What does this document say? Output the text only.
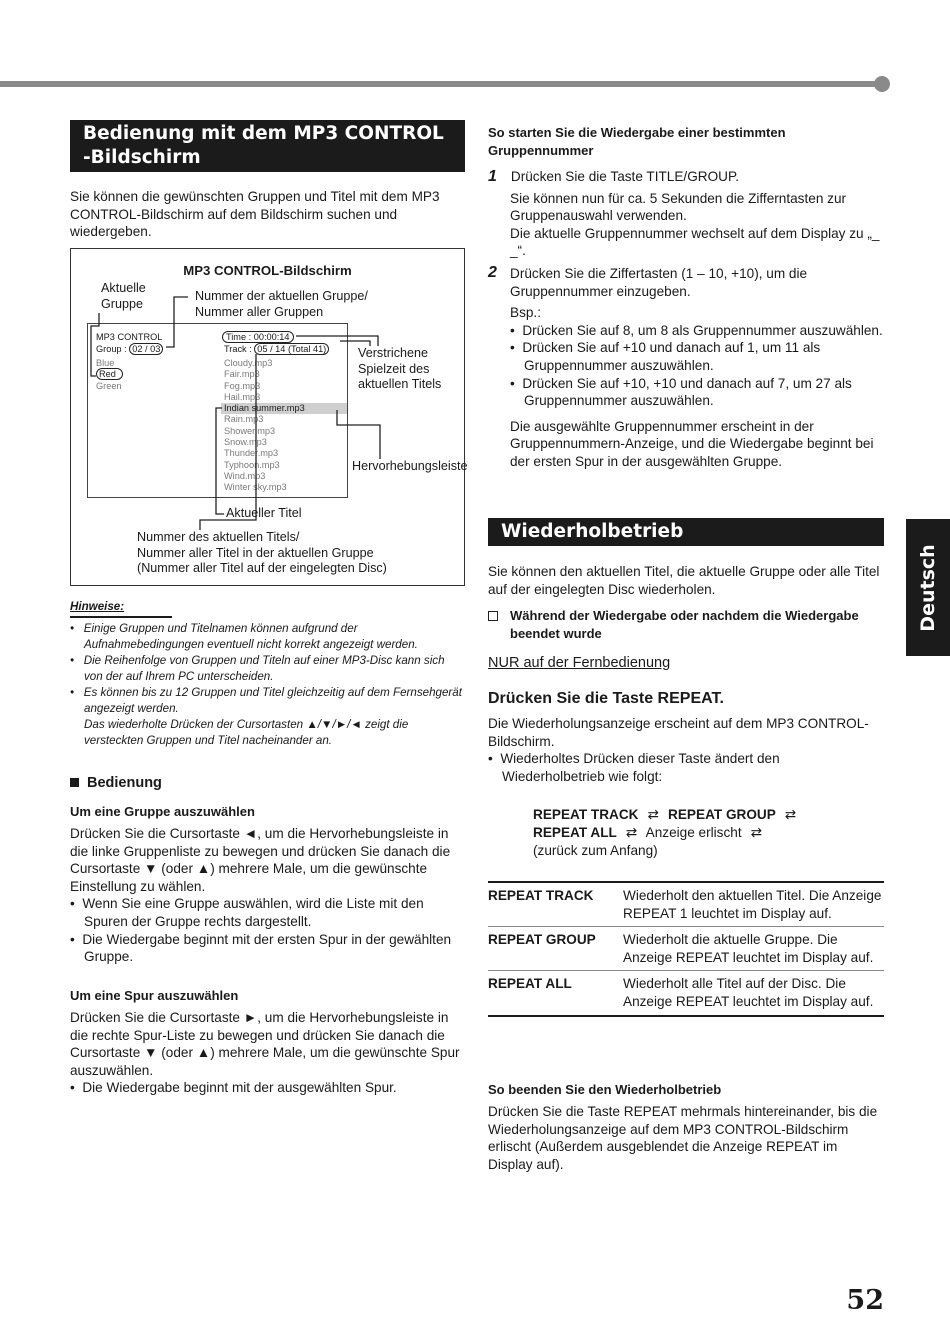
Deutsch
Bedienung mit dem MP3 CONTROL
-Bildschirm
Sie können die gewünschten Gruppen und Titel mit dem MP3 CONTROL-Bildschirm auf dem Bildschirm suchen und wiedergeben.
MP3 CONTROL-Bildschirm
Aktuelle
Gruppe
Nummer der aktuellen Gruppe/
Nummer aller Gruppen
Verstrichene
Spielzeit des
aktuellen Titels
Hervorhebungsleiste
Aktueller Titel
Nummer des aktuellen Titels/
Nummer aller Titel in der aktuellen Gruppe
(Nummer aller Titel auf der eingelegten Disc)
MP3 CONTROL
Group : 02 / 03
Time : 00:00:14
Track : 05 / 14 (Total 41)
Blue
Red
Green
Cloudy.mp3
Fair.mp3
Fog.mp3
Hail.mp3
Indian summer.mp3
Rain.mp3
Shower.mp3
Snow.mp3
Thunder.mp3
Typhoon.mp3
Wind.mp3
Winter sky.mp3
Hinweise:
•   Einige Gruppen und Titelnamen können aufgrund der Aufnahmebedingungen eventuell nicht korrekt angezeigt werden.
•   Die Reihenfolge von Gruppen und Titeln auf einer MP3-Disc kann sich von der auf Ihrem PC unterscheiden.
•   Es können bis zu 12 Gruppen und Titel gleichzeitig auf dem Fernsehgerät angezeigt werden.
Das wiederholte Drücken der Cursortasten ▲/▼/►/◄ zeigt die versteckten Gruppen und Titel nacheinander an.
Bedienung
Um eine Gruppe auszuwählen
Drücken Sie die Cursortaste ◄, um die Hervorhebungsleiste in die linke Gruppenliste zu bewegen und drücken Sie danach die Cursortaste ▼ (oder ▲) mehrere Male, um die gewünschte Einstellung zu wählen.
•  Wenn Sie eine Gruppe auswählen, wird die Liste mit den Spuren der Gruppe rechts dargestellt.
•  Die Wiedergabe beginnt mit der ersten Spur in der gewählten Gruppe.
Um eine Spur auszuwählen
Drücken Sie die Cursortaste ►, um die Hervorhebungsleiste in die rechte Spur-Liste zu bewegen und drücken Sie danach die Cursortaste ▼ (oder ▲) mehrere Male, um die gewünschte Spur auszuwählen.
•  Die Wiedergabe beginnt mit der ausgewählten Spur.
So starten Sie die Wiedergabe einer bestimmten Gruppennummer
1 Drücken Sie die Taste TITLE/GROUP.
Sie können nun für ca. 5 Sekunden die Zifferntasten zur Gruppenauswahl verwenden.
Die aktuelle Gruppennummer wechselt auf dem Display zu „_ _“.
2 Drücken Sie die Ziffertasten (1 – 10, +10), um die Gruppennummer einzugeben.
Bsp.:
•  Drücken Sie auf 8, um 8 als Gruppennummer auszuwählen.
•  Drücken Sie auf +10 und danach auf 1, um 11 als Gruppennummer auszuwählen.
•  Drücken Sie auf +10, +10 und danach auf 7, um 27 als Gruppennummer auszuwählen.
Die ausgewählte Gruppennummer erscheint in der Gruppennummern-Anzeige, und die Wiedergabe beginnt bei der ersten Spur in der ausgewählten Gruppe.
Wiederholbetrieb
Sie können den aktuellen Titel, die aktuelle Gruppe oder alle Titel auf der eingelegten Disc wiederholen.
Während der Wiedergabe oder nachdem die Wiedergabe beendet wurde
NUR auf der Fernbedienung
Drücken Sie die Taste REPEAT.
Die Wiederholungsanzeige erscheint auf dem MP3 CONTROL-Bildschirm.
•  Wiederholtes Drücken dieser Taste ändert den Wiederholbetrieb wie folgt:
REPEAT TRACK ⇄ REPEAT GROUP ⇄
REPEAT ALL ⇄ Anzeige erlischt ⇄
(zurück zum Anfang)
REPEAT TRACK	Wiederholt den aktuellen Titel. Die Anzeige REPEAT 1 leuchtet im Display auf.
REPEAT GROUP	Wiederholt die aktuelle Gruppe. Die Anzeige REPEAT leuchtet im Display auf.
REPEAT ALL	Wiederholt alle Titel auf der Disc. Die Anzeige REPEAT leuchtet im Display auf.
So beenden Sie den Wiederholbetrieb
Drücken Sie die Taste REPEAT mehrmals hintereinander, bis die Wiederholungsanzeige auf dem MP3 CONTROL-Bildschirm erlischt (Außerdem ausgeblendet die Anzeige REPEAT im Display auf).
52
